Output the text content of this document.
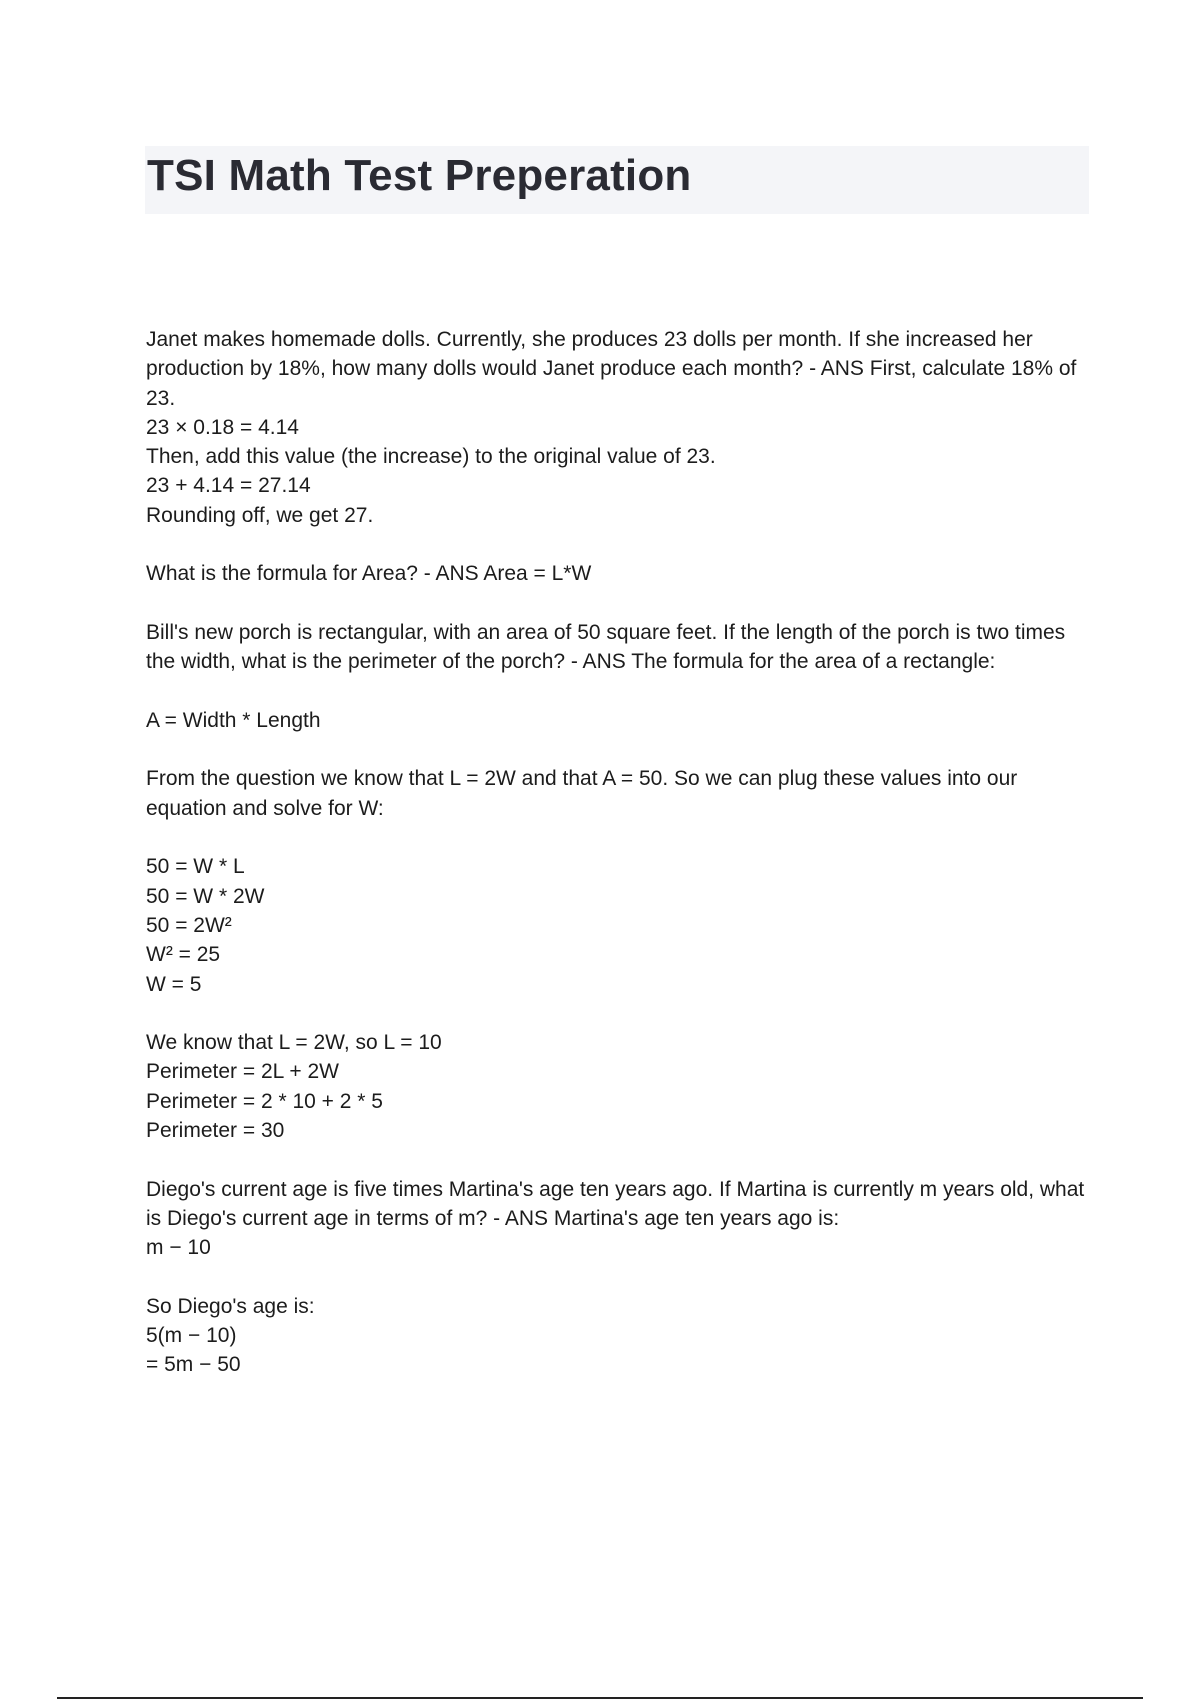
TSI Math Test Preperation
Janet makes homemade dolls. Currently, she produces 23 dolls per month. If she increased her production by 18%, how many dolls would Janet produce each month? - ANS First, calculate 18% of 23.
23 × 0.18 = 4.14
Then, add this value (the increase) to the original value of 23.
23 + 4.14 = 27.14
Rounding off, we get 27.
What is the formula for Area? - ANS Area = L*W
Bill's new porch is rectangular, with an area of 50 square feet. If the length of the porch is two times the width, what is the perimeter of the porch? - ANS The formula for the area of a rectangle:
A = Width * Length
From the question we know that L = 2W and that A = 50. So we can plug these values into our equation and solve for W:
50 = W * L
50 = W * 2W
50 = 2W²
W² = 25
W = 5
We know that L = 2W, so L = 10
Perimeter = 2L + 2W
Perimeter = 2 * 10 + 2 * 5
Perimeter = 30
Diego's current age is five times Martina's age ten years ago. If Martina is currently m years old, what is Diego's current age in terms of m? - ANS Martina's age ten years ago is:
m − 10
So Diego's age is:
5(m − 10)
= 5m − 50
